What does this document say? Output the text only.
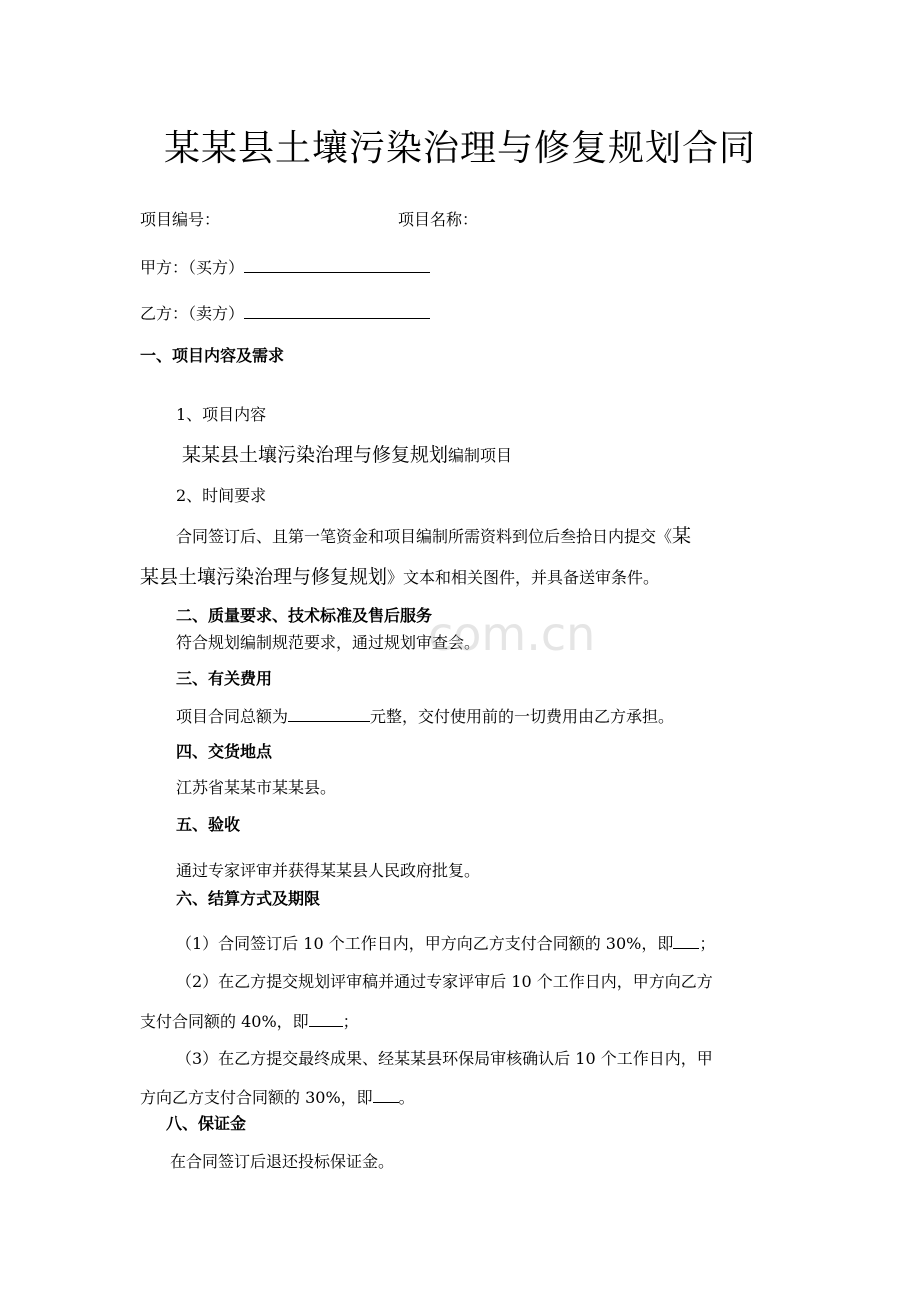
某某县土壤污染治理与修复规划合同
项目编号：	项目名称：
甲方：（买方）
乙方：（卖方）
一、项目内容及需求
1、项目内容
某某县土壤污染治理与修复规划编制项目
2、时间要求
合同签订后、且第一笔资金和项目编制所需资料到位后叁拾日内提交《某
某县土壤污染治理与修复规划》文本和相关图件，并具备送审条件。
二、质量要求、技术标准及售后服务
符合规划编制规范要求，通过规划审查会。
三、有关费用
项目合同总额为	元整，交付使用前的一切费用由乙方承担。
四、交货地点
江苏省某某市某某县。
五、验收
通过专家评审并获得某某县人民政府批复。
六、结算方式及期限
（1）合同签订后 10 个工作日内，甲方向乙方支付合同额的 30%，即 ；
（2）在乙方提交规划评审稿并通过专家评审后 10 个工作日内，甲方向乙方
支付合同额的 40%，即 ；
（3）在乙方提交最终成果、经某某县环保局审核确认后 10 个工作日内，甲
方向乙方支付合同额的 30%，即 。
八、保证金
在合同签订后退还投标保证金。
com.cn
